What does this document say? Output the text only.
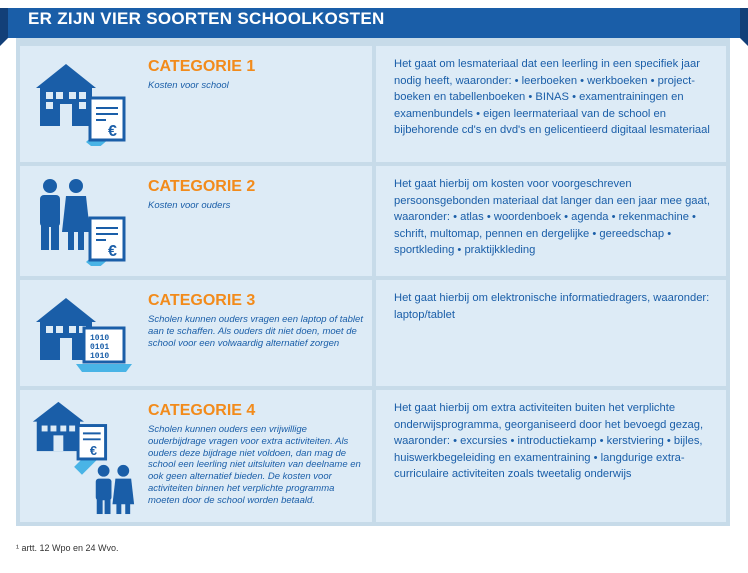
ER ZIJN VIER SOORTEN SCHOOLKOSTEN
€
CATEGORIE 1
Kosten voor school
Het gaat om lesmateriaal dat een leerling in een specifiek jaar nodig heeft, waaronder: • leerboeken • werkboeken • project-boeken en tabellenboeken • BINAS • examentrainingen en examenbundels • eigen leermateriaal van de school en bijbehorende cd's en dvd's en gelicentieerd digitaal lesmateriaal
€
CATEGORIE 2
Kosten voor ouders
Het gaat hierbij om kosten voor voorgeschreven persoonsgebonden materiaal dat langer dan een jaar mee gaat, waaronder: • atlas • woordenboek • agenda • rekenmachine • schrift, multomap, pennen en dergelijke • gereedschap • sportkleding • praktijkkleding
1010
0101
1010
CATEGORIE 3
Scholen kunnen ouders vragen een laptop of tablet aan te schaffen. Als ouders dit niet doen, moet de school voor een volwaardig alternatief zorgen
Het gaat hierbij om elektronische informatiedragers, waaronder: laptop/tablet
€
CATEGORIE 4
Scholen kunnen ouders een vrijwillige ouderbijdrage vragen voor extra activiteiten. Als ouders deze bijdrage niet voldoen, dan mag de school een leerling niet uitsluiten van deelname en ook geen alternatief bieden. De kosten voor activiteiten binnen het verplichte programma moeten door de school worden betaald.
Het gaat hierbij om extra activiteiten buiten het verplichte onderwijsprogramma, georganiseerd door het bevoegd gezag, waaronder: • excursies • introductiekamp • kerstviering • bijles, huiswerkbegeleiding en examentraining • langdurige extra-curriculaire activiteiten zoals tweetalig onderwijs
¹ artt. 12 Wpo en 24 Wvo.
